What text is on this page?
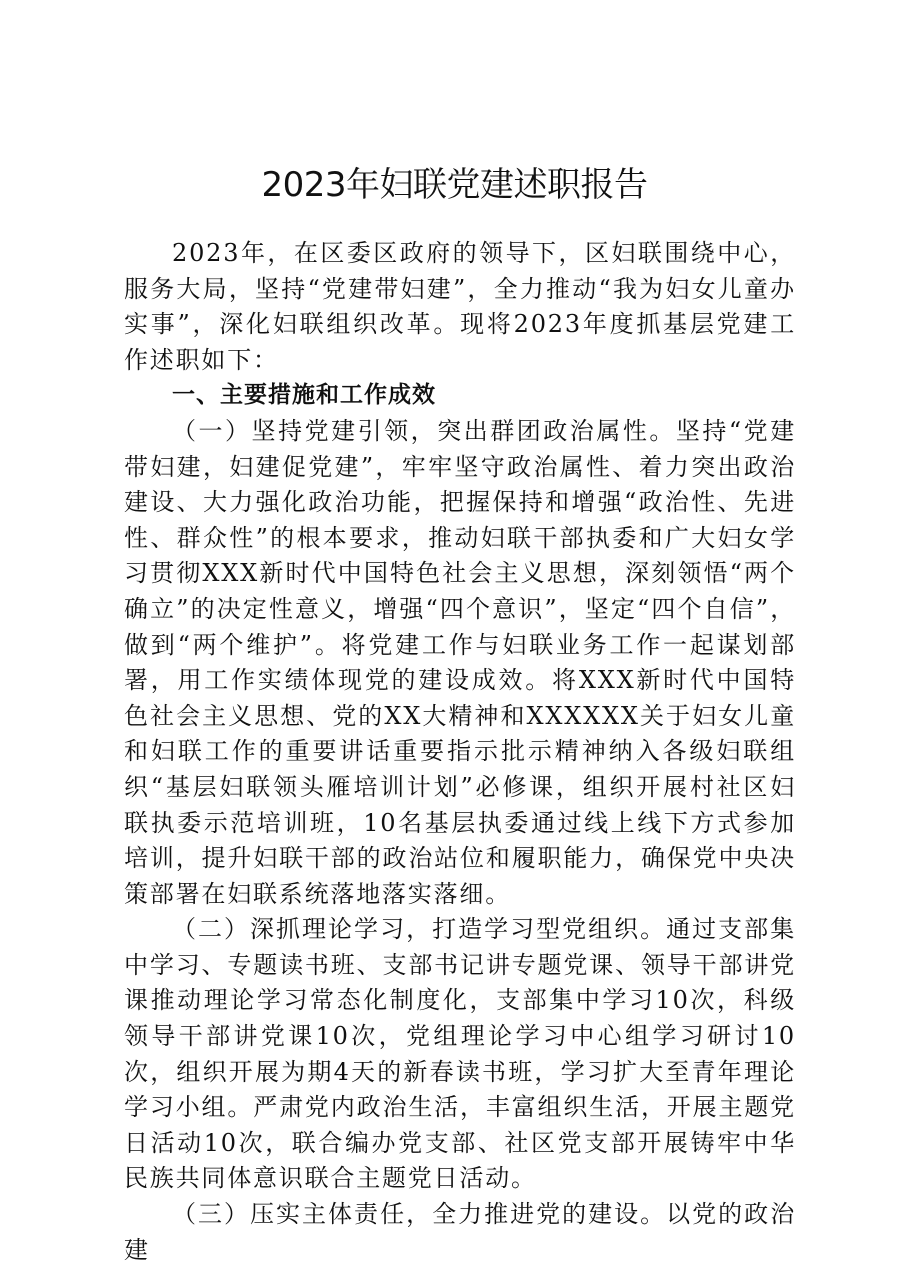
2023年妇联党建述职报告

2023年，在区委区政府的领导下，区妇联围绕中心，服务大局，坚持“党建带妇建”，全力推动“我为妇女儿童办实事”，深化妇联组织改革。现将2023年度抓基层党建工作述职如下：

一、主要措施和工作成效

（一）坚持党建引领，突出群团政治属性。坚持“党建带妇建，妇建促党建”，牢牢坚守政治属性、着力突出政治建设、大力强化政治功能，把握保持和增强“政治性、先进性、群众性”的根本要求，推动妇联干部执委和广大妇女学习贯彻XXX新时代中国特色社会主义思想，深刻领悟“两个确立”的决定性意义，增强“四个意识”，坚定“四个自信”，做到“两个维护”。将党建工作与妇联业务工作一起谋划部署，用工作实绩体现党的建设成效。将XXX新时代中国特色社会主义思想、党的XX大精神和XXXXXX关于妇女儿童和妇联工作的重要讲话重要指示批示精神纳入各级妇联组织“基层妇联领头雁培训计划”必修课，组织开展村社区妇联执委示范培训班，10名基层执委通过线上线下方式参加培训，提升妇联干部的政治站位和履职能力，确保党中央决策部署在妇联系统落地落实落细。

（二）深抓理论学习，打造学习型党组织。通过支部集中学习、专题读书班、支部书记讲专题党课、领导干部讲党课推动理论学习常态化制度化，支部集中学习10次，科级领导干部讲党课10次，党组理论学习中心组学习研讨10次，组织开展为期4天的新春读书班，学习扩大至青年理论学习小组。严肃党内政治生活，丰富组织生活，开展主题党日活动10次，联合编办党支部、社区党支部开展铸牢中华民族共同体意识联合主题党日活动。

（三）压实主体责任，全力推进党的建设。以党的政治建
